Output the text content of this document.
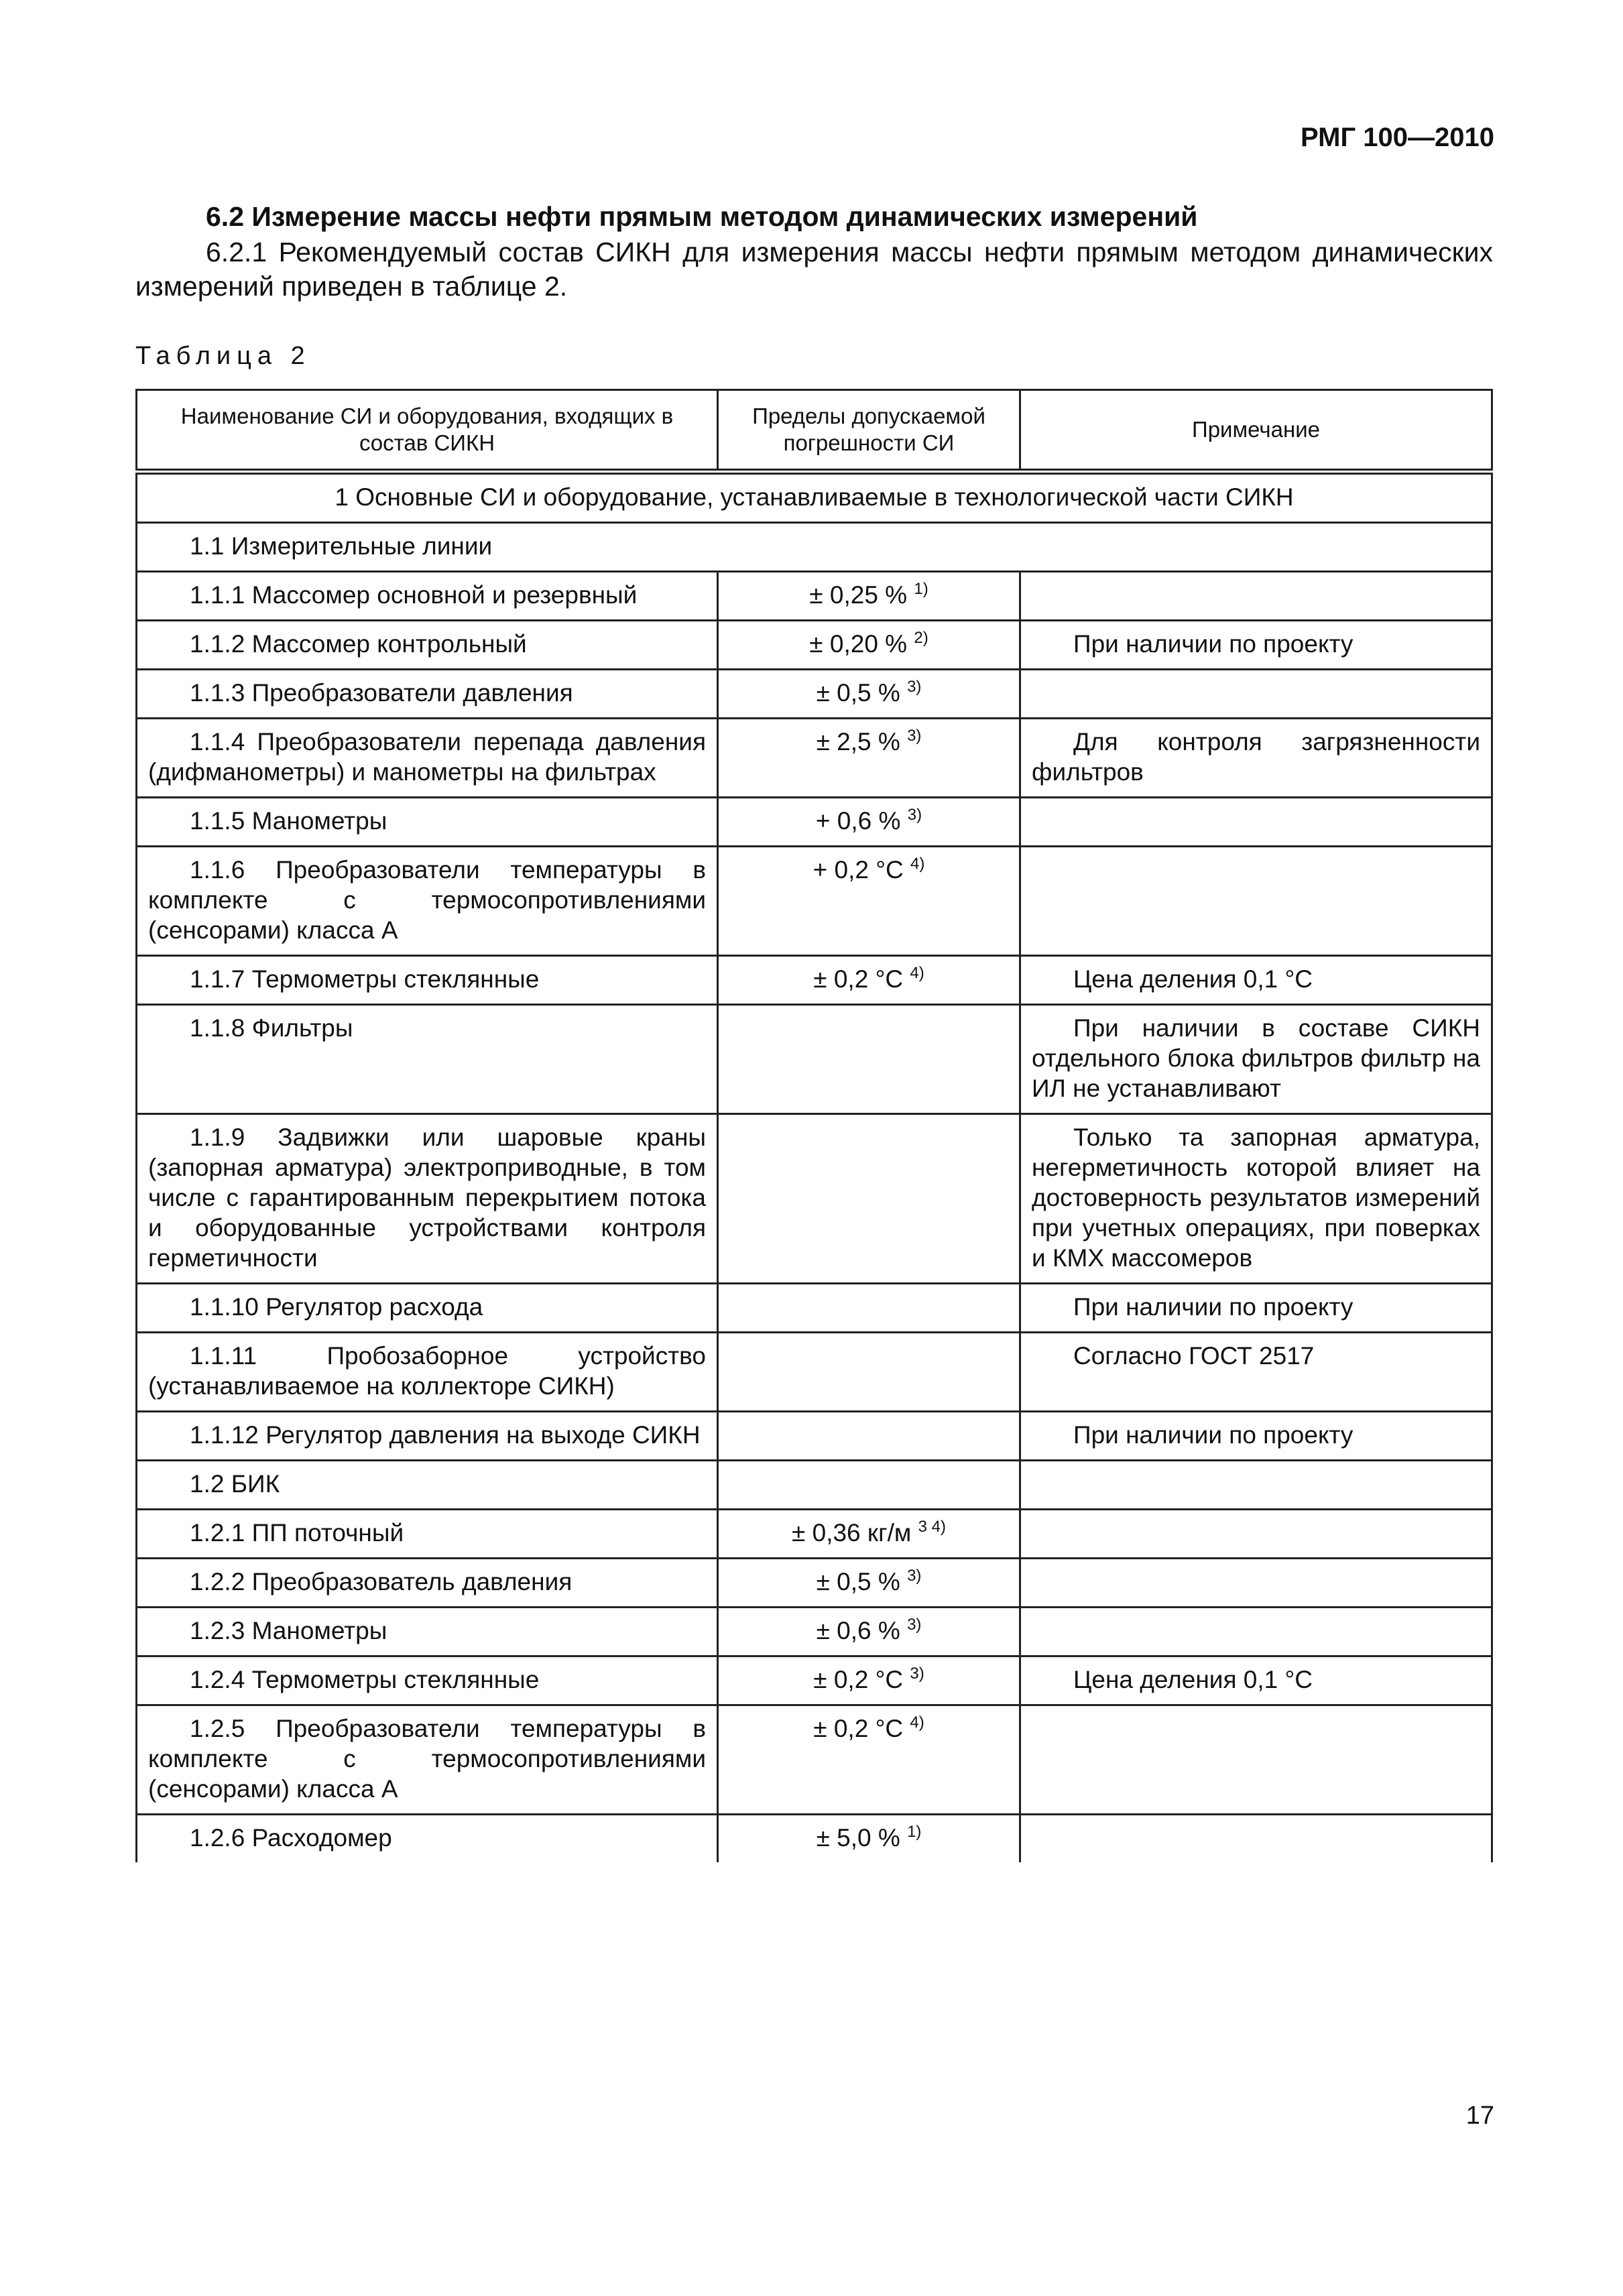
РМГ 100—2010
6.2 Измерение массы нефти прямым методом динамических измерений

6.2.1 Рекомендуемый состав СИКН для измерения массы нефти прямым методом динамических измерений приведен в таблице 2.

Таблица 2
Наименование СИ и оборудования, входящих в состав СИКН	Пределы допускаемой погрешности СИ	Примечание
1 Основные СИ и оборудование, устанавливаемые в технологической части СИКН		
1.1 Измерительные линии		
1.1.1 Массомер основной и резервный	± 0,25 % $^{1)}$	
1.1.2 Массомер контрольный	± 0,20 % $^{2)}$	При наличии по проекту
1.1.3 Преобразователи давления	± 0,5 % $^{3)}$	
1.1.4 Преобразователи перепада давления (дифманометры) и манометры на фильтрах	± 2,5 % $^{3)}$	Для контроля загрязненности фильтров
1.1.5 Манометры	+ 0,6 % $^{3)}$	
1.1.6 Преобразователи температуры в комплекте с термосопротивлениями (сенсорами) класса А	+ 0,2 °С $^{4)}$	
1.1.7 Термометры стеклянные	± 0,2 °С $^{4)}$	Цена деления 0,1 °С
1.1.8 Фильтры		При наличии в составе СИКН отдельного блока фильтров фильтр на ИЛ не устанавливают
1.1.9 Задвижки или шаровые краны (запорная арматура) электроприводные, в том числе с гарантированным перекрытием потока и оборудованные устройствами контроля герметичности		Только та запорная арматура, негерметичность которой влияет на достоверность результатов измерений при учетных операциях, при поверках и КМХ массомеров
1.1.10 Регулятор расхода		При наличии по проекту
1.1.11 Пробозаборное устройство (устанавливаемое на коллекторе СИКН)		Согласно ГОСТ 2517
1.1.12 Регулятор давления на выходе СИКН		При наличии по проекту
1.2 БИК		
1.2.1 ПП поточный	± 0,36 кг/м $^{3 4)}$	
1.2.2 Преобразователь давления	± 0,5 % $^{3)}$	
1.2.3 Манометры	± 0,6 % $^{3)}$	
1.2.4 Термометры стеклянные	± 0,2 °С $^{3)}$	Цена деления 0,1 °С
1.2.5 Преобразователи температуры в комплекте с термосопротивлениями (сенсорами) класса А	± 0,2 °С $^{4)}$	
1.2.6 Расходомер	± 5,0 % $^{1)}$	
17
